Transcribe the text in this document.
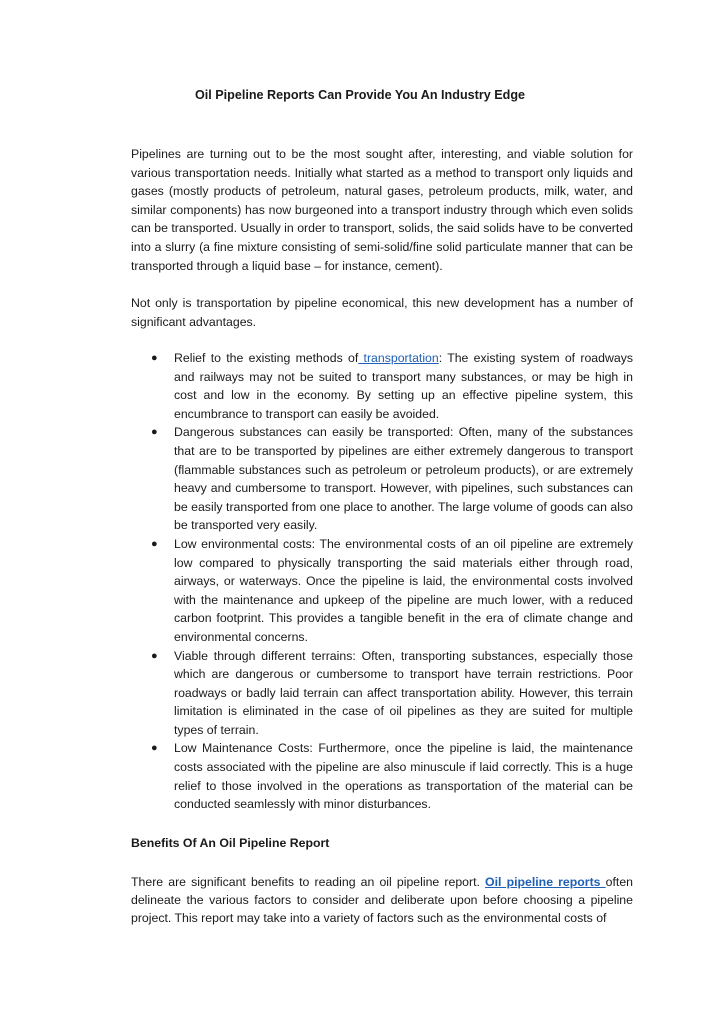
Oil Pipeline Reports Can Provide You An Industry Edge
Pipelines are turning out to be the most sought after, interesting, and viable solution for various transportation needs. Initially what started as a method to transport only liquids and gases (mostly products of petroleum, natural gases, petroleum products, milk, water, and similar components) has now burgeoned into a transport industry through which even solids can be transported. Usually in order to transport, solids, the said solids have to be converted into a slurry (a fine mixture consisting of semi-solid/fine solid particulate manner that can be transported through a liquid base – for instance, cement).
Not only is transportation by pipeline economical, this new development has a number of significant advantages.
● Relief to the existing methods of transportation: The existing system of roadways and railways may not be suited to transport many substances, or may be high in cost and low in the economy. By setting up an effective pipeline system, this encumbrance to transport can easily be avoided.
● Dangerous substances can easily be transported: Often, many of the substances that are to be transported by pipelines are either extremely dangerous to transport (flammable substances such as petroleum or petroleum products), or are extremely heavy and cumbersome to transport. However, with pipelines, such substances can be easily transported from one place to another. The large volume of goods can also be transported very easily.
● Low environmental costs: The environmental costs of an oil pipeline are extremely low compared to physically transporting the said materials either through road, airways, or waterways. Once the pipeline is laid, the environmental costs involved with the maintenance and upkeep of the pipeline are much lower, with a reduced carbon footprint. This provides a tangible benefit in the era of climate change and environmental concerns.
● Viable through different terrains: Often, transporting substances, especially those which are dangerous or cumbersome to transport have terrain restrictions. Poor roadways or badly laid terrain can affect transportation ability. However, this terrain limitation is eliminated in the case of oil pipelines as they are suited for multiple types of terrain.
● Low Maintenance Costs: Furthermore, once the pipeline is laid, the maintenance costs associated with the pipeline are also minuscule if laid correctly. This is a huge relief to those involved in the operations as transportation of the material can be conducted seamlessly with minor disturbances.
Benefits Of An Oil Pipeline Report
There are significant benefits to reading an oil pipeline report. Oil pipeline reports often delineate the various factors to consider and deliberate upon before choosing a pipeline project. This report may take into a variety of factors such as the environmental costs of
